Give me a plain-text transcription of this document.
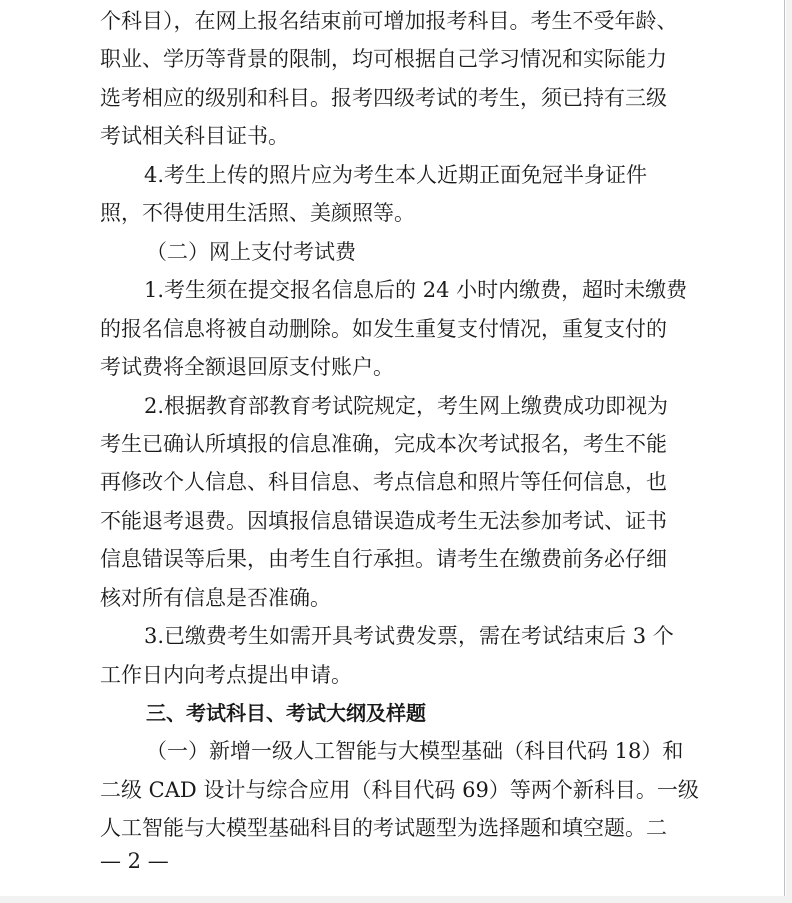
个科目），在网上报名结束前可增加报考科目。考生不受年龄、
职业、学历等背景的限制，均可根据自己学习情况和实际能力
选考相应的级别和科目。报考四级考试的考生，须已持有三级
考试相关科目证书。
4.考生上传的照片应为考生本人近期正面免冠半身证件
照，不得使用生活照、美颜照等。
（二）网上支付考试费
1.考生须在提交报名信息后的 24 小时内缴费，超时未缴费
的报名信息将被自动删除。如发生重复支付情况，重复支付的
考试费将全额退回原支付账户。
2.根据教育部教育考试院规定，考生网上缴费成功即视为
考生已确认所填报的信息准确，完成本次考试报名，考生不能
再修改个人信息、科目信息、考点信息和照片等任何信息，也
不能退考退费。因填报信息错误造成考生无法参加考试、证书
信息错误等后果，由考生自行承担。请考生在缴费前务必仔细
核对所有信息是否准确。
3.已缴费考生如需开具考试费发票，需在考试结束后 3 个
工作日内向考点提出申请。
三、考试科目、考试大纲及样题
（一）新增一级人工智能与大模型基础（科目代码 18）和
二级 CAD 设计与综合应用（科目代码 69）等两个新科目。一级
人工智能与大模型基础科目的考试题型为选择题和填空题。二
— 2 —
